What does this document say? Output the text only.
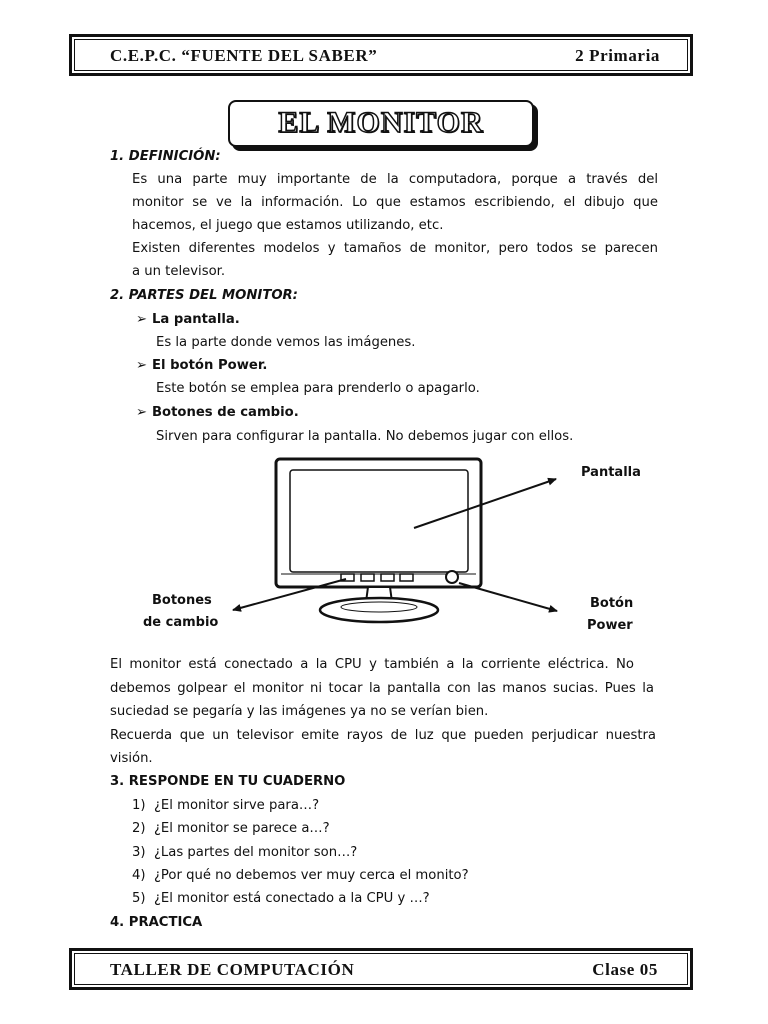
C.E.P.C. “FUENTE DEL SABER”	2 Primaria
EL MONITOR
1. DEFINICIÓN:
Es una parte muy importante de la computadora, porque a través del
monitor se ve la información. Lo que estamos escribiendo, el dibujo que
hacemos, el juego que estamos utilizando, etc.
Existen diferentes modelos y tamaños de monitor, pero todos se parecen
a un televisor.
2. PARTES DEL MONITOR:
➢ La pantalla.
Es la parte donde vemos las imágenes.
➢ El botón Power.
Este botón se emplea para prenderlo o apagarlo.
➢ Botones de cambio.
Sirven para configurar la pantalla. No debemos jugar con ellos.
Pantalla
Botones
de cambio
Botón
Power
El monitor está conectado a la CPU y también a la corriente eléctrica. No
debemos golpear el monitor ni tocar la pantalla con las manos sucias. Pues la
suciedad se pegaría y las imágenes ya no se verían bien.
Recuerda que un televisor emite rayos de luz que pueden perjudicar nuestra
visión.
3. RESPONDE EN TU CUADERNO
1) ¿El monitor sirve para…?
2) ¿El monitor se parece a…?
3) ¿Las partes del monitor son…?
4) ¿Por qué no debemos ver muy cerca el monito?
5) ¿El monitor está conectado a la CPU y …?
4. PRACTICA
TALLER DE COMPUTACIÓN	Clase 05
